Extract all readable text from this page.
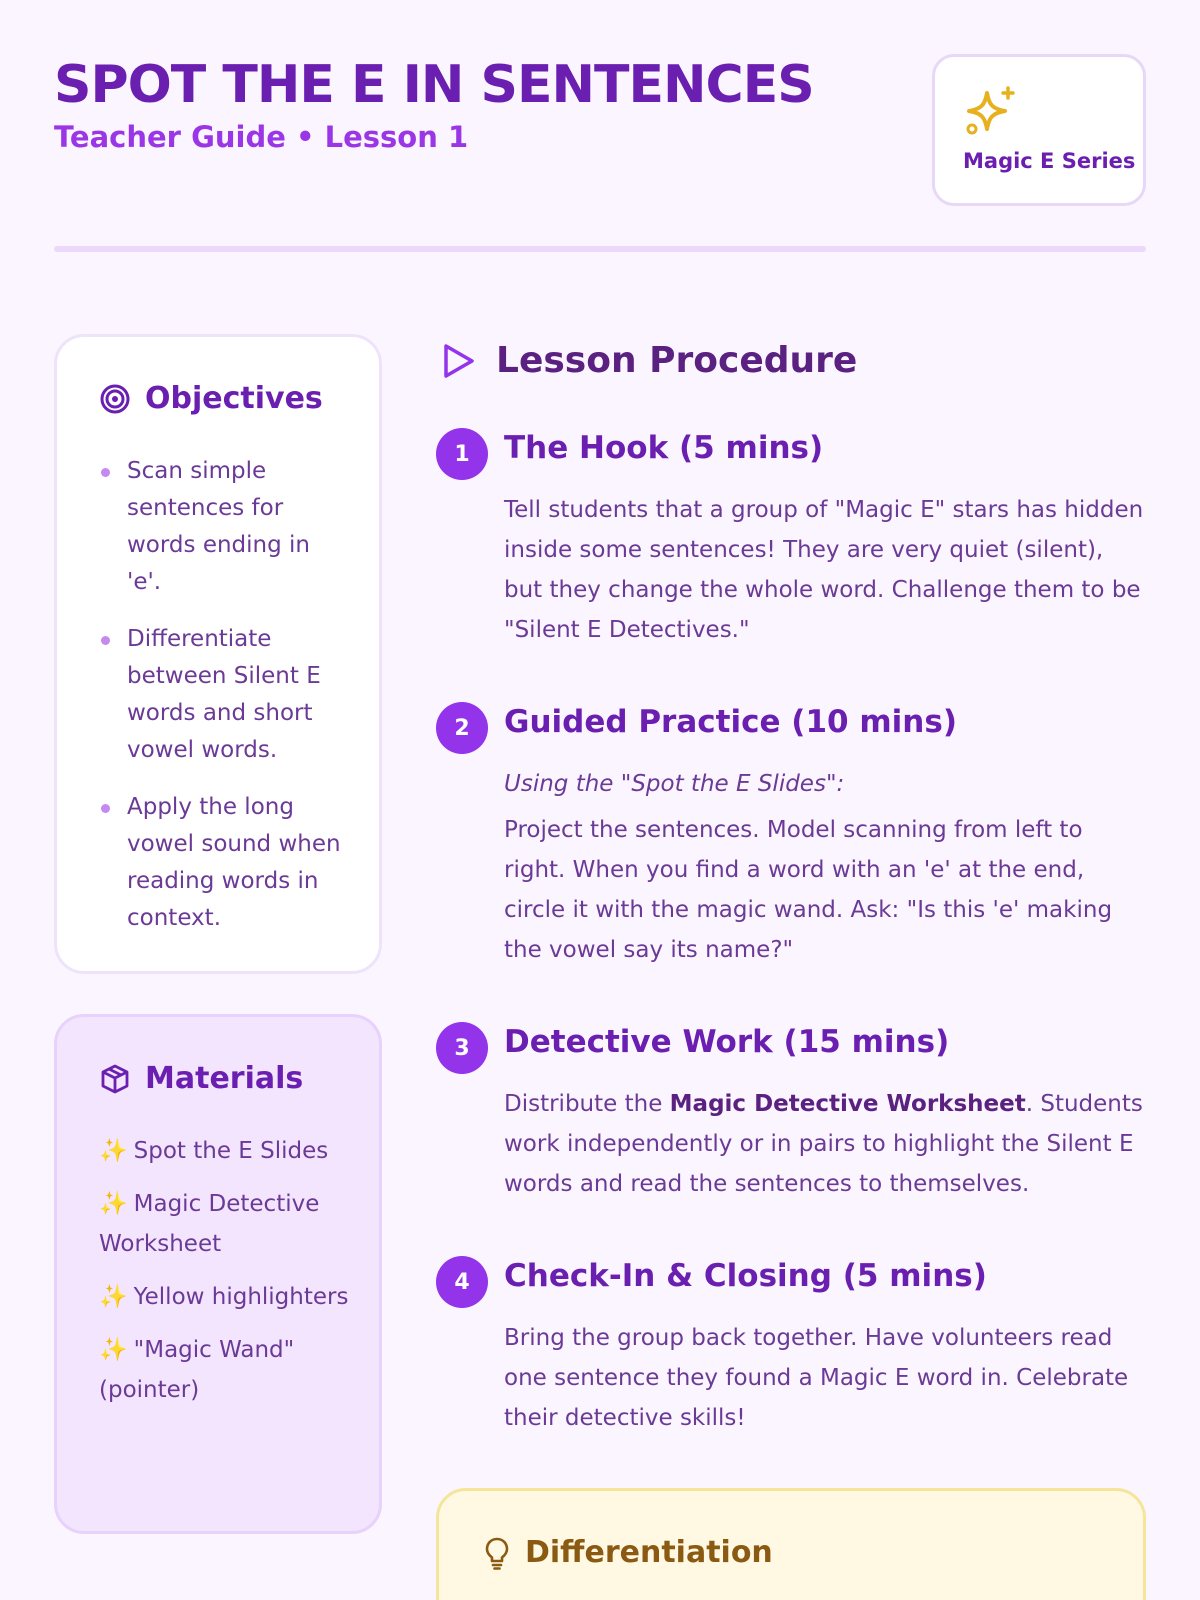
SPOT THE E IN SENTENCES
Teacher Guide • Lesson 1
Magic E Series
Objectives
Scan simple sentences for words ending in 'e'.
Differentiate between Silent E words and short vowel words.
Apply the long vowel sound when reading words in context.
Materials
✨ Spot the E Slides
✨ Magic Detective Worksheet
✨ Yellow highlighters
✨ "Magic Wand" (pointer)
Lesson Procedure
1	The Hook (5 mins)
Tell students that a group of "Magic E" stars has hidden inside some sentences! They are very quiet (silent), but they change the whole word. Challenge them to be "Silent E Detectives."
2	Guided Practice (10 mins)
Using the "Spot the E Slides":
Project the sentences. Model scanning from left to right. When you find a word with an 'e' at the end, circle it with the magic wand. Ask: "Is this 'e' making the vowel say its name?"
3	Detective Work (15 mins)
Distribute the Magic Detective Worksheet. Students work independently or in pairs to highlight the Silent E words and read the sentences to themselves.
4	Check-In & Closing (5 mins)
Bring the group back together. Have volunteers read one sentence they found a Magic E word in. Celebrate their detective skills!
Differentiation
